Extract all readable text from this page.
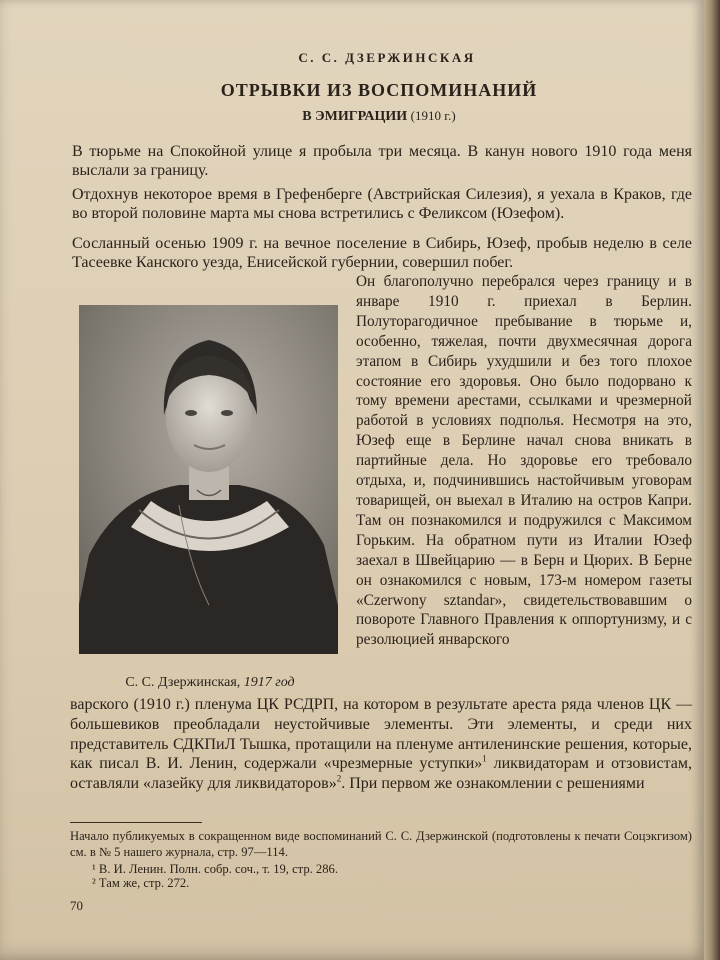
С. С. ДЗЕРЖИНСКАЯ
ОТРЫВКИ ИЗ ВОСПОМИНАНИЙ
В ЭМИГРАЦИИ (1910 г.)
В тюрьме на Спокойной улице я пробыла три месяца. В канун нового 1910 года меня выслали за границу.
Отдохнув некоторое время в Грефенберге (Австрийская Силезия), я уехала в Краков, где во второй половине марта мы снова встретились с Феликсом (Юзефом).
Сосланный осенью 1909 г. на вечное поселение в Сибирь, Юзеф, пробыв неделю в селе Тасеевке Канского уезда, Енисейской губернии, совершил побег.
С. С. Дзержинская, 1917 год
Он благополучно перебрался через границу и в январе 1910 г. приехал в Берлин. Полуторагодичное пребывание в тюрьме и, особенно, тяжелая, почти двухмесячная дорога этапом в Сибирь ухудшили и без того плохое состояние его здоровья. Оно было подорвано к тому времени арестами, ссылками и чрезмерной работой в условиях подполья. Несмотря на это, Юзеф еще в Берлине начал снова вникать в партийные дела. Но здоровье его требовало отдыха, и, подчинившись настойчивым уговорам товарищей, он выехал в Италию на остров Капри. Там он познакомился и подружился с Максимом Горьким. На обратном пути из Италии Юзеф заехал в Швейцарию — в Берн и Цюрих. В Берне он ознакомился с новым, 173-м номером газеты «Czerwony sztandar», свидетельствовавшим о повороте Главного Правления к оппортунизму, и с резолюцией январского
варского (1910 г.) пленума ЦК РСДРП, на котором в результате ареста ряда членов ЦК — большевиков преобладали неустойчивые элементы. Эти элементы, и среди них представитель СДКПиЛ Тышка, протащили на пленуме антиленинские решения, которые, как писал В. И. Ленин, содержали «чрезмерные уступки»$^1$ ликвидаторам и отзовистам, оставляли «лазейку для ликвидаторов»$^2$. При первом же ознакомлении с решениями
Начало публикуемых в сокращенном виде воспоминаний С. С. Дзержинской (подготовлены к печати Соцэкгизом) см. в № 5 нашего журнала, стр. 97—114.
¹ В. И. Ленин. Полн. собр. соч., т. 19, стр. 286.
² Там же, стр. 272.
70
